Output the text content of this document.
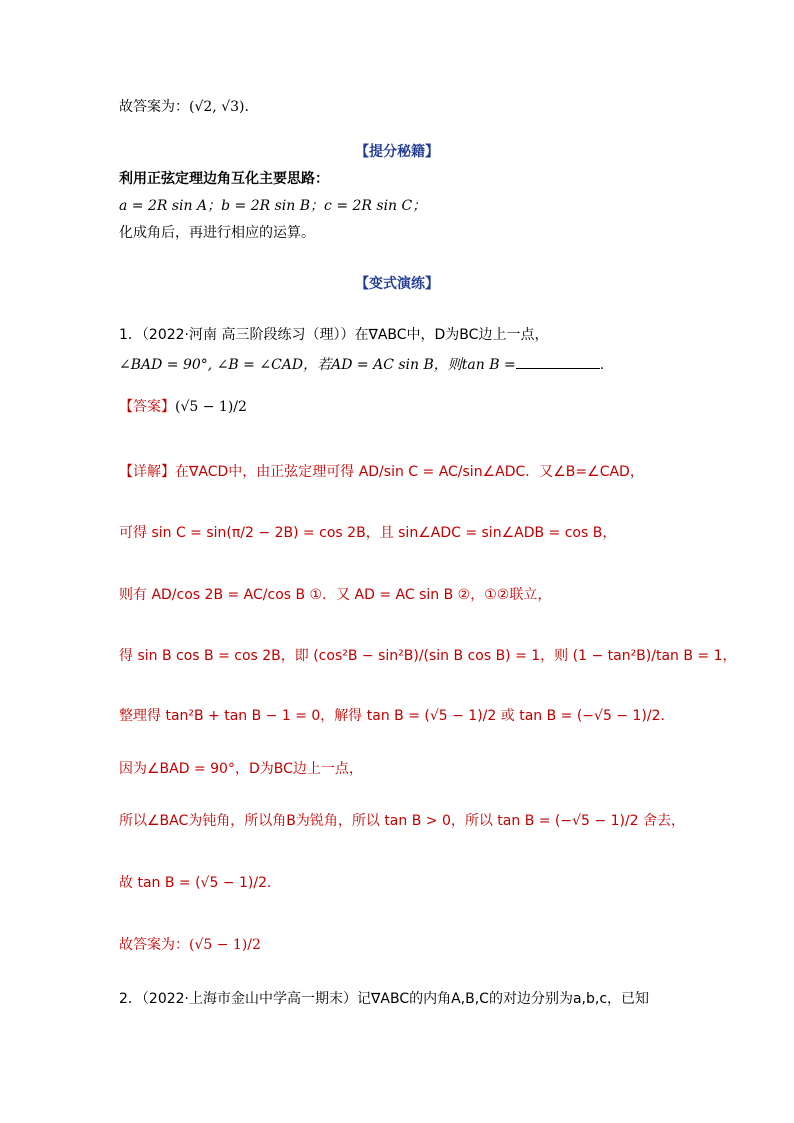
故答案为：(√2, √3).
【提分秘籍】
利用正弦定理边角互化主要思路：
a = 2R sin A；b = 2R sin B；c = 2R sin C；
化成角后，再进行相应的运算。
【变式演练】
1．（2022·河南 高三阶段练习（理））在∇ABC中，D为BC边上一点，
∠BAD = 90°, ∠B = ∠CAD，若AD = AC sin B，则tan B =	.
【答案】(√5 − 1)/2
【详解】在∇ACD中，由正弦定理可得 AD/sin C = AC/sin∠ADC．又∠B=∠CAD，
可得 sin C = sin(π/2 − 2B) = cos 2B，且 sin∠ADC = sin∠ADB = cos B，
则有 AD/cos 2B = AC/cos B ①．又 AD = AC sin B ②，①②联立，
得 sin B cos B = cos 2B，即 (cos²B − sin²B)/(sin B cos B) = 1，则 (1 − tan²B)/tan B = 1，
整理得 tan²B + tan B − 1 = 0，解得 tan B = (√5 − 1)/2 或 tan B = (−√5 − 1)/2．
因为∠BAD = 90°，D为BC边上一点，
所以∠BAC为钝角，所以角B为锐角，所以 tan B > 0，所以 tan B = (−√5 − 1)/2 舍去，
故 tan B = (√5 − 1)/2．
故答案为：(√5 − 1)/2
2．（2022·上海市金山中学高一期末）记∇ABC的内角A,B,C的对边分别为a,b,c，已知
